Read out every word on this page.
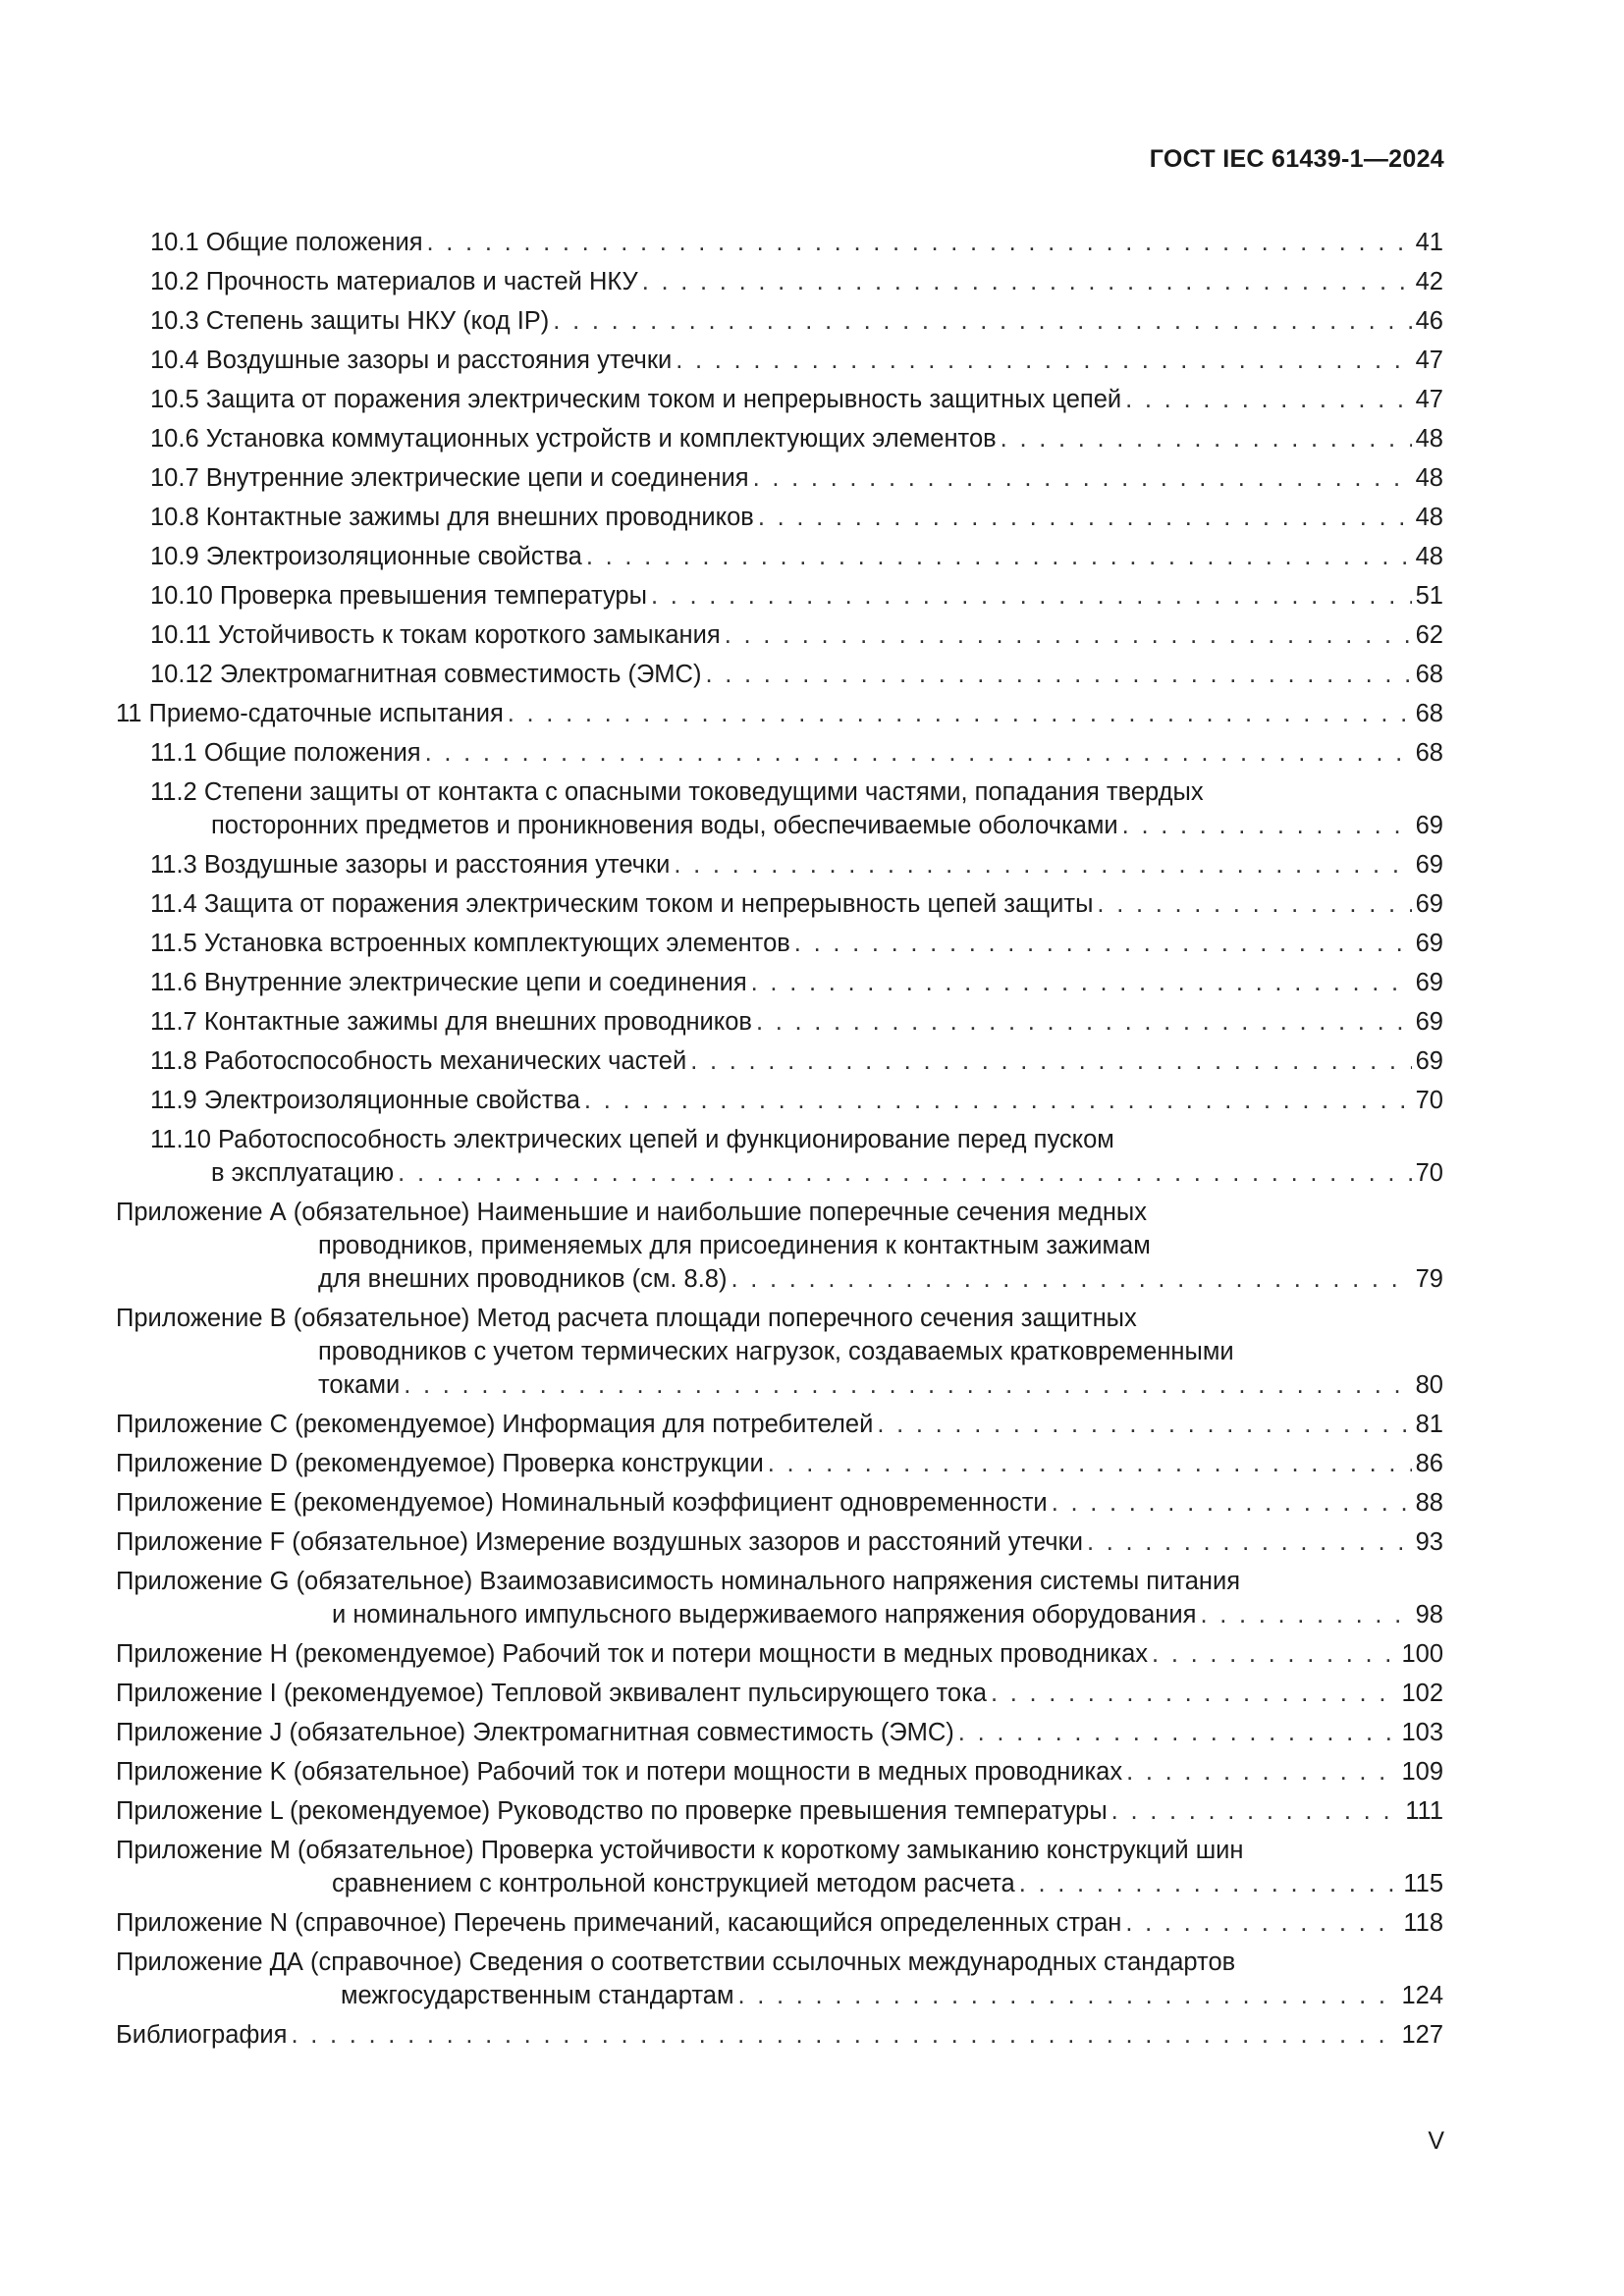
ГОСТ IEC 61439-1—2024
10.1 Общие положения . . .	41
10.2 Прочность материалов и частей НКУ . . .	42
10.3 Степень защиты НКУ (код IP) . . .	46
10.4 Воздушные зазоры и расстояния утечки . . .	47
10.5 Защита от поражения электрическим током и непрерывность защитных цепей . . .	47
10.6 Установка коммутационных устройств и комплектующих элементов . . .	48
10.7 Внутренние электрические цепи и соединения . . .	48
10.8 Контактные зажимы для внешних проводников . . .	48
10.9 Электроизоляционные свойства . . .	48
10.10 Проверка превышения температуры . . .	51
10.11 Устойчивость к токам короткого замыкания . . .	62
10.12 Электромагнитная совместимость (ЭМС) . . .	68
11 Приемо-сдаточные испытания . . .	68
11.1 Общие положения . . .	68
11.2 Степени защиты от контакта с опасными токоведущими частями, попадания твердых
посторонних предметов и проникновения воды, обеспечиваемые оболочками . . .	69
11.3 Воздушные зазоры и расстояния утечки . . .	69
11.4 Защита от поражения электрическим током и непрерывность цепей защиты . . .	69
11.5 Установка встроенных комплектующих элементов . . .	69
11.6 Внутренние электрические цепи и соединения . . .	69
11.7 Контактные зажимы для внешних проводников . . .	69
11.8 Работоспособность механических частей . . .	69
11.9 Электроизоляционные свойства . . .	70
11.10 Работоспособность электрических цепей и функционирование перед пуском
в эксплуатацию . . .	70
Приложение А (обязательное) Наименьшие и наибольшие поперечные сечения медных
проводников, применяемых для присоединения к контактным зажимам
для внешних проводников (см. 8.8) . . .	79
Приложение B (обязательное) Метод расчета площади поперечного сечения защитных
проводников с учетом термических нагрузок, создаваемых кратковременными
токами . . .	80
Приложение C (рекомендуемое) Информация для потребителей . . .	81
Приложение D (рекомендуемое) Проверка конструкции . . .	86
Приложение E (рекомендуемое) Номинальный коэффициент одновременности . . .	88
Приложение F (обязательное) Измерение воздушных зазоров и расстояний утечки . . .	93
Приложение G (обязательное) Взаимозависимость номинального напряжения системы питания
и номинального импульсного выдерживаемого напряжения оборудования . . .	98
Приложение H (рекомендуемое) Рабочий ток и потери мощности в медных проводниках . . .	100
Приложение I (рекомендуемое) Тепловой эквивалент пульсирующего тока . . .	102
Приложение J (обязательное) Электромагнитная совместимость (ЭМС) . . .	103
Приложение K (обязательное) Рабочий ток и потери мощности в медных проводниках . . .	109
Приложение L (рекомендуемое) Руководство по проверке превышения температуры . . .	111
Приложение M (обязательное) Проверка устойчивости к короткому замыканию конструкций шин
сравнением с контрольной конструкцией методом расчета . . .	115
Приложение N (справочное) Перечень примечаний, касающийся определенных стран . . .	118
Приложение ДА (справочное) Сведения о соответствии ссылочных международных стандартов
межгосударственным стандартам . . .	124
Библиография . . .	127
V
